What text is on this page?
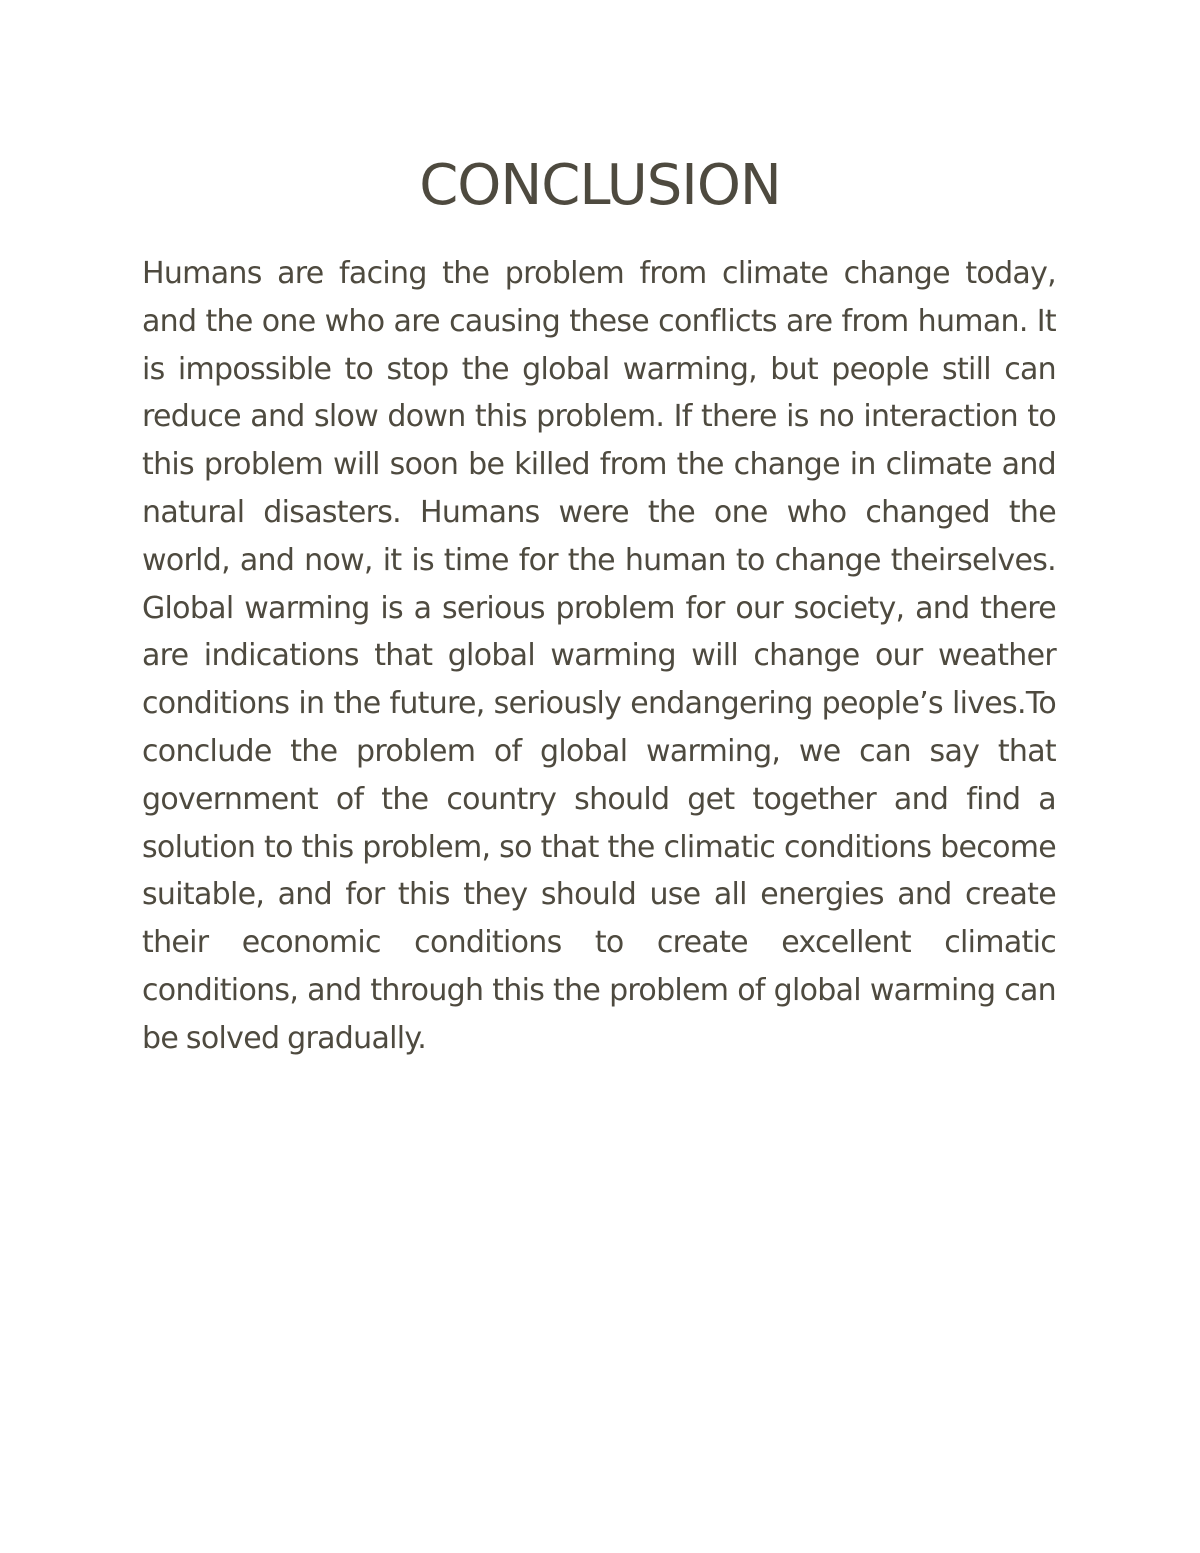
CONCLUSION

Humans are facing the problem from climate change today, and the one who are causing these conflicts are from human. It is impossible to stop the global warming, but people still can reduce and slow down this problem. If there is no interaction to this problem will soon be killed from the change in climate and natural disasters. Humans were the one who changed the world, and now, it is time for the human to change theirselves. Global warming is a serious problem for our society, and there are indications that global warming will change our weather conditions in the future, seriously endangering people’s lives.To conclude the problem of global warming, we can say that government of the country should get together and find a solution to this problem, so that the climatic conditions become suitable, and for this they should use all energies and create their economic conditions to create excellent climatic conditions, and through this the problem of global warming can be solved gradually.
